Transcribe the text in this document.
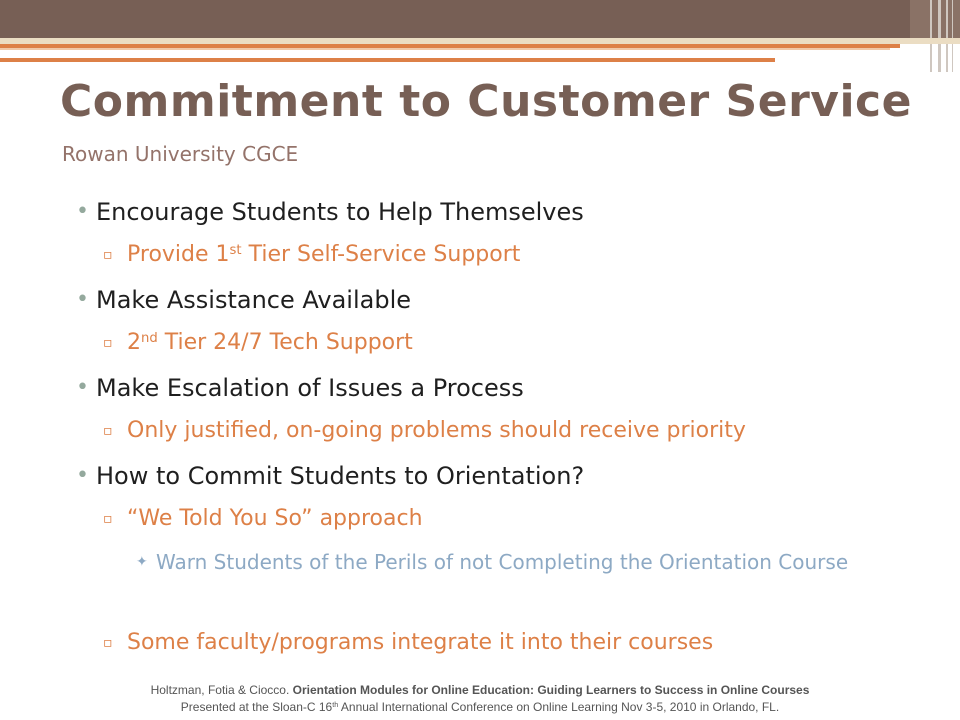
Commitment to Customer Service
Rowan University CGCE
• Encourage Students to Help Themselves
▫ Provide 1st Tier Self-Service Support
• Make Assistance Available
▫ 2nd Tier 24/7 Tech Support
• Make Escalation of Issues a Process
▫ Only justified, on-going problems should receive priority
• How to Commit Students to Orientation?
▫ “We Told You So” approach
✦ Warn Students of the Perils of not Completing the Orientation Course
▫ Some faculty/programs integrate it into their courses
Holtzman, Fotia & Ciocco. Orientation Modules for Online Education: Guiding Learners to Success in Online Courses
Presented at the Sloan-C 16th Annual International Conference on Online Learning Nov 3-5, 2010 in Orlando, FL.
